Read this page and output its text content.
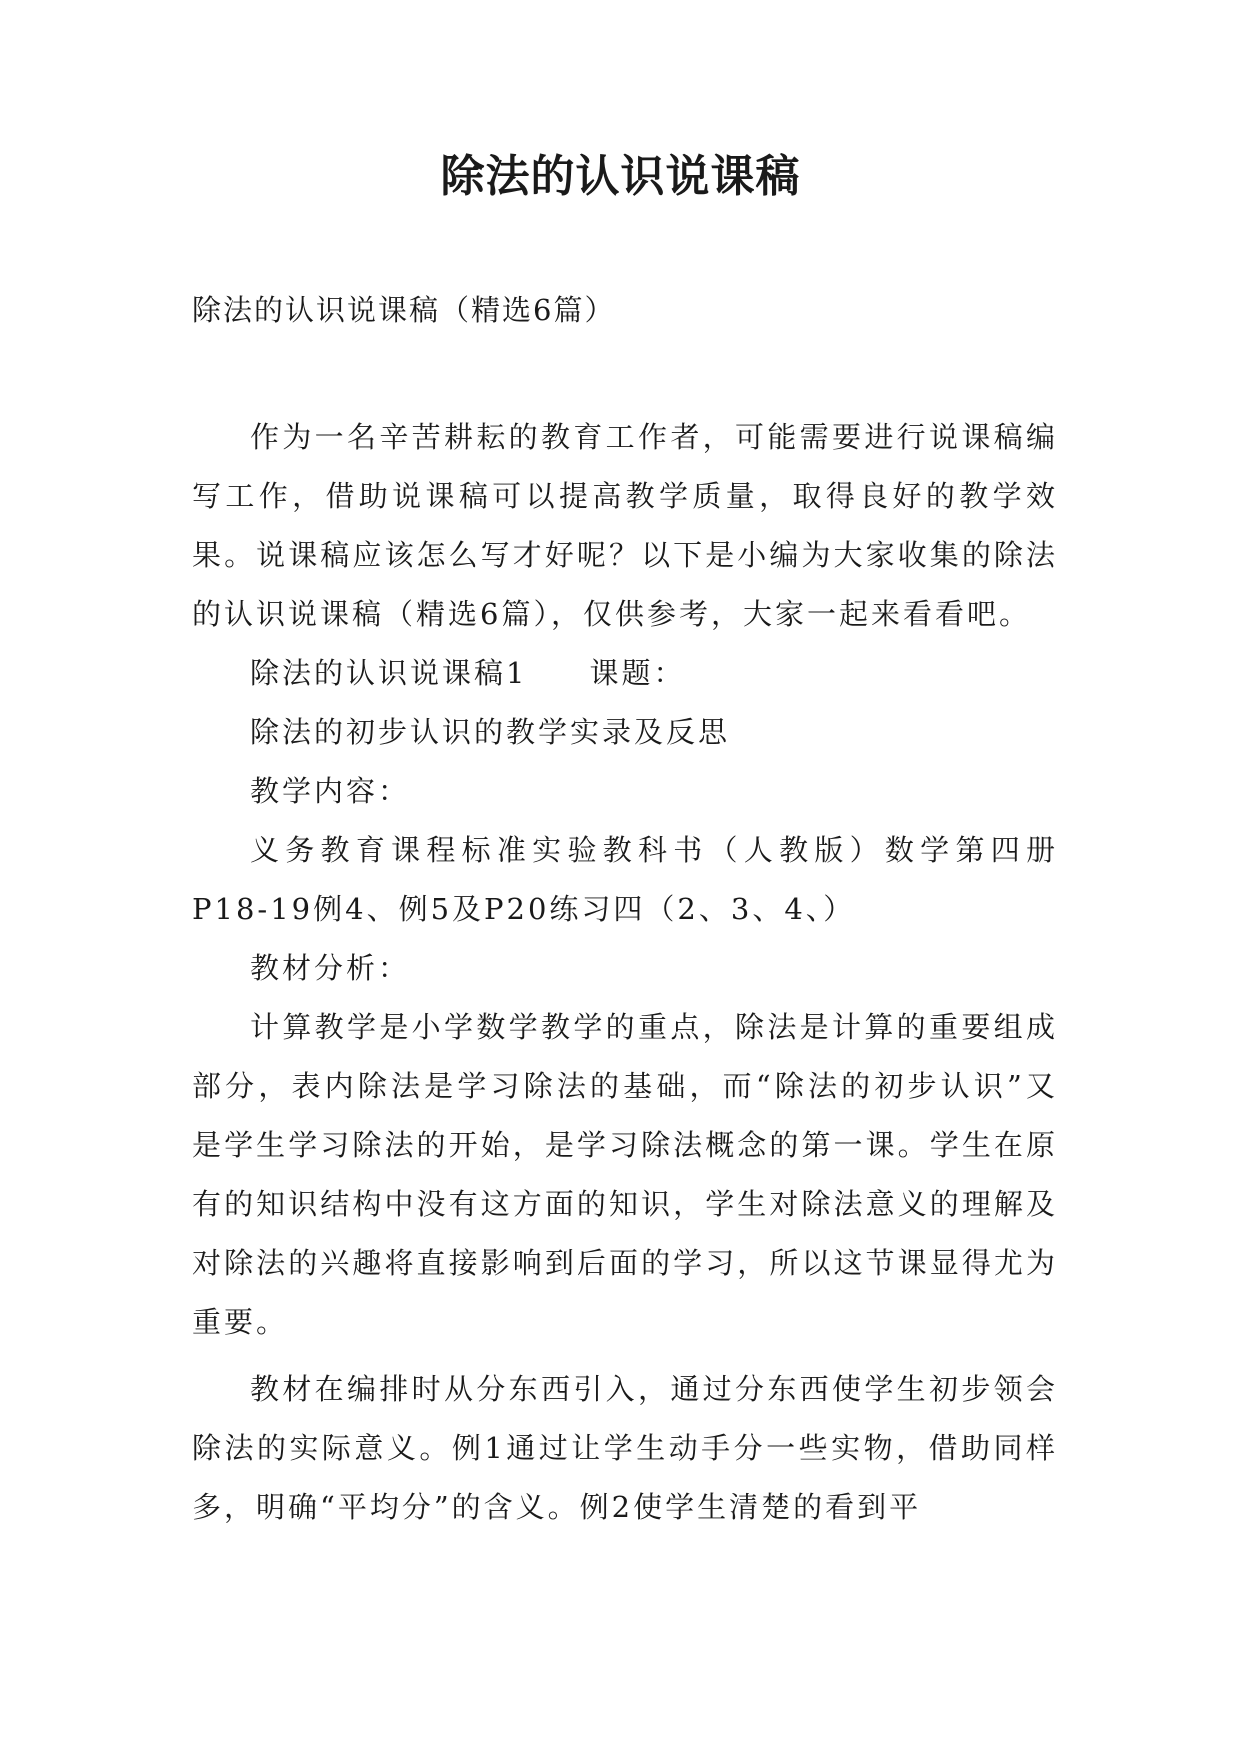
除法的认识说课稿
除法的认识说课稿（精选6篇）

作为一名辛苦耕耘的教育工作者，可能需要进行说课稿编写工作，借助说课稿可以提高教学质量，取得良好的教学效果。说课稿应该怎么写才好呢？以下是小编为大家收集的除法的认识说课稿（精选6篇），仅供参考，大家一起来看看吧。

除法的认识说课稿1 课题：

除法的初步认识的教学实录及反思

教学内容：

义务教育课程标准实验教科书（人教版）数学第四册P18-19例4、例5及P20练习四（2、3、4、）

教材分析：

计算教学是小学数学教学的重点，除法是计算的重要组成部分，表内除法是学习除法的基础，而“除法的初步认识”又是学生学习除法的开始，是学习除法概念的第一课。学生在原有的知识结构中没有这方面的知识，学生对除法意义的理解及对除法的兴趣将直接影响到后面的学习，所以这节课显得尤为重要。

教材在编排时从分东西引入，通过分东西使学生初步领会除法的实际意义。例1通过让学生动手分一些实物，借助同样多，明确“平均分”的含义。例2使学生清楚的看到平
